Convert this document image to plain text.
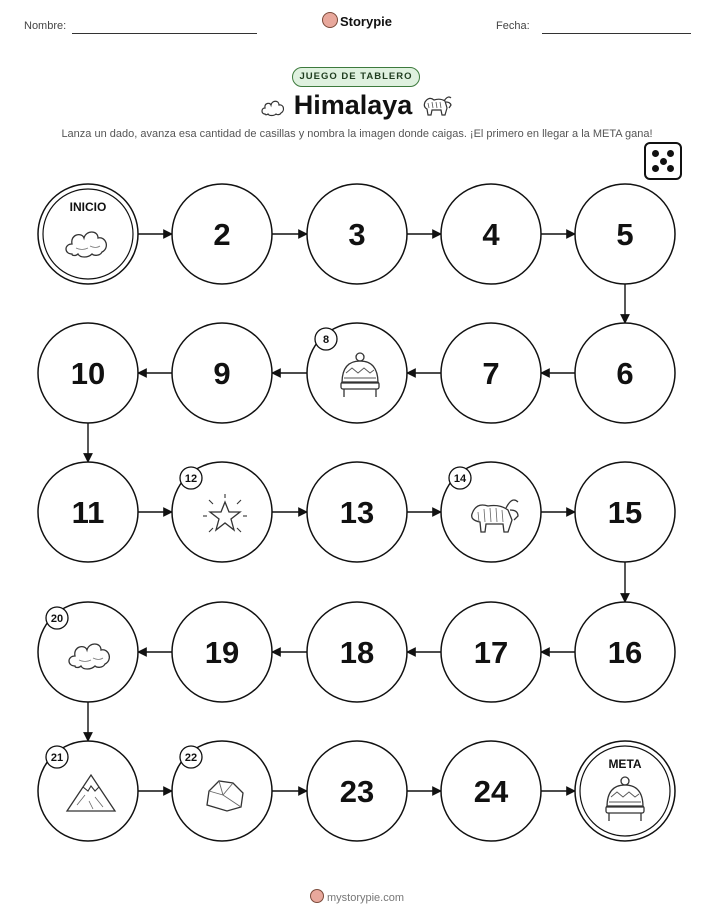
Nombre:	Storypie	Fecha:
JUEGO DE TABLERO
Himalaya
Lanza un dado, avanza esa cantidad de casillas y nombra la imagen donde caigas. ¡El primero en llegar a la META gana!
INICIO
2	3	4	5
6
7
8
9
10
11
12
13
14
15
16
17
18
19
20
21	22
23	24
META
mystorypie.com
